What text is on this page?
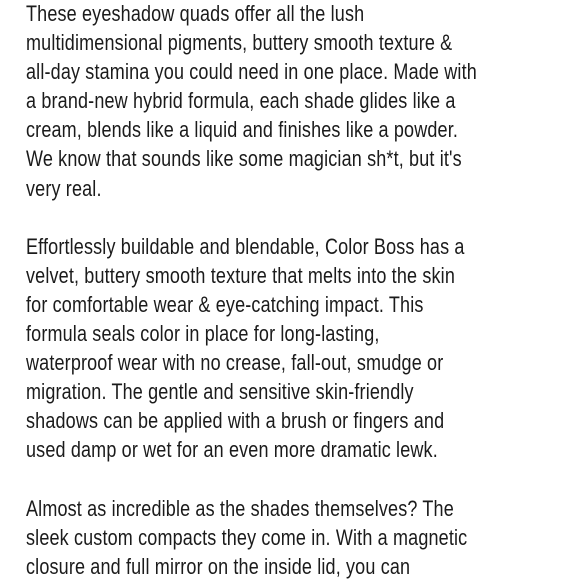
These eyeshadow quads offer all the lush
multidimensional pigments, buttery smooth texture &
all-day stamina you could need in one place. Made with
a brand-new hybrid formula, each shade glides like a
cream, blends like a liquid and finishes like a powder.
We know that sounds like some magician sh*t, but it's
very real.

Effortlessly buildable and blendable, Color Boss has a
velvet, buttery smooth texture that melts into the skin
for comfortable wear & eye-catching impact. This
formula seals color in place for long-lasting,
waterproof wear with no crease, fall-out, smudge or
migration. The gentle and sensitive skin-friendly
shadows can be applied with a brush or fingers and
used damp or wet for an even more dramatic lewk.

Almost as incredible as the shades themselves? The
sleek custom compacts they come in. With a magnetic
closure and full mirror on the inside lid, you can
